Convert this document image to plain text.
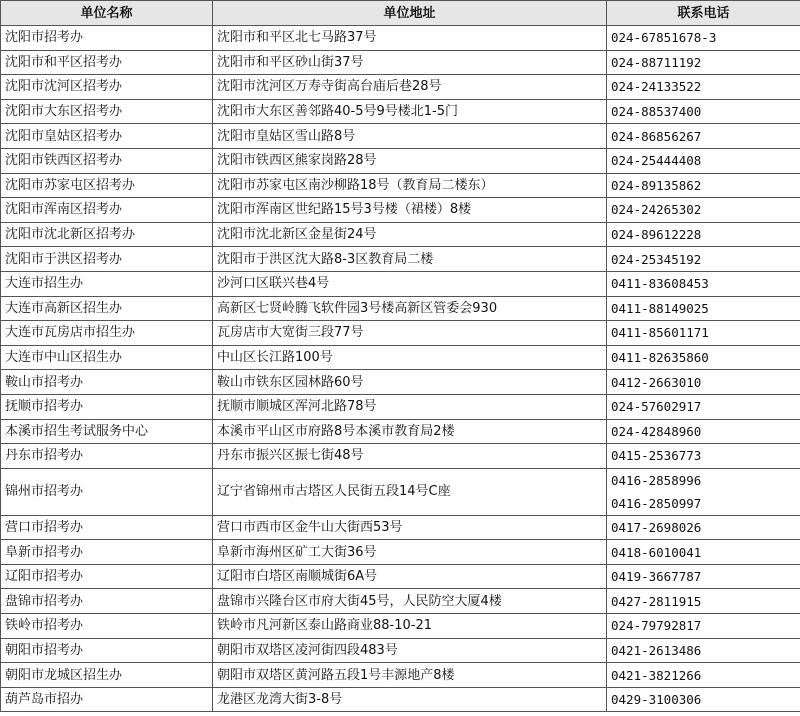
单位名称	单位地址	联系电话
沈阳市招考办	沈阳市和平区北七马路37号	024-67851678-3

沈阳市和平区招考办	沈阳市和平区砂山街37号	024-88711192

沈阳市沈河区招考办	沈阳市沈河区万寿寺街高台庙后巷28号	024-24133522

沈阳市大东区招考办	沈阳市大东区善邻路40-5号9号楼北1-5门	024-88537400

沈阳市皇姑区招考办	沈阳市皇姑区雪山路8号	024-86856267

沈阳市铁西区招考办	沈阳市铁西区熊家岗路28号	024-25444408

沈阳市苏家屯区招考办	沈阳市苏家屯区南沙柳路18号（教育局二楼东）	024-89135862

沈阳市浑南区招考办	沈阳市浑南区世纪路15号3号楼（裙楼）8楼	024-24265302

沈阳市沈北新区招考办	沈阳市沈北新区金星街24号	024-89612228

沈阳市于洪区招考办	沈阳市于洪区沈大路8-3区教育局二楼	024-25345192

大连市招生办	沙河口区联兴巷4号	0411-83608453

大连市高新区招生办	高新区七贤岭腾飞软件园3号楼高新区管委会930	0411-88149025

大连市瓦房店市招生办	瓦房店市大宽街三段77号	0411-85601171

大连市中山区招生办	中山区长江路100号	0411-82635860

鞍山市招考办	鞍山市铁东区园林路60号	0412-2663010

抚顺市招考办	抚顺市顺城区浑河北路78号	024-57602917

本溪市招生考试服务中心	本溪市平山区市府路8号本溪市教育局2楼	024-42848960

丹东市招考办	丹东市振兴区振七街48号	0415-2536773

锦州市招考办	辽宁省锦州市古塔区人民街五段14号C座	0416-2858996
0416-2850997

营口市招考办	营口市西市区金牛山大街西53号	0417-2698026

阜新市招考办	阜新市海州区矿工大街36号	0418-6010041

辽阳市招考办	辽阳市白塔区南顺城街6A号	0419-3667787

盘锦市招考办	盘锦市兴隆台区市府大街45号，人民防空大厦4楼	0427-2811915

铁岭市招考办	铁岭市凡河新区泰山路商业88-10-21	024-79792817

朝阳市招考办	朝阳市双塔区凌河街四段483号	0421-2613486

朝阳市龙城区招生办	朝阳市双塔区黄河路五段1号丰源地产8楼	0421-3821266

葫芦岛市招办	龙港区龙湾大街3-8号	0429-3100306
